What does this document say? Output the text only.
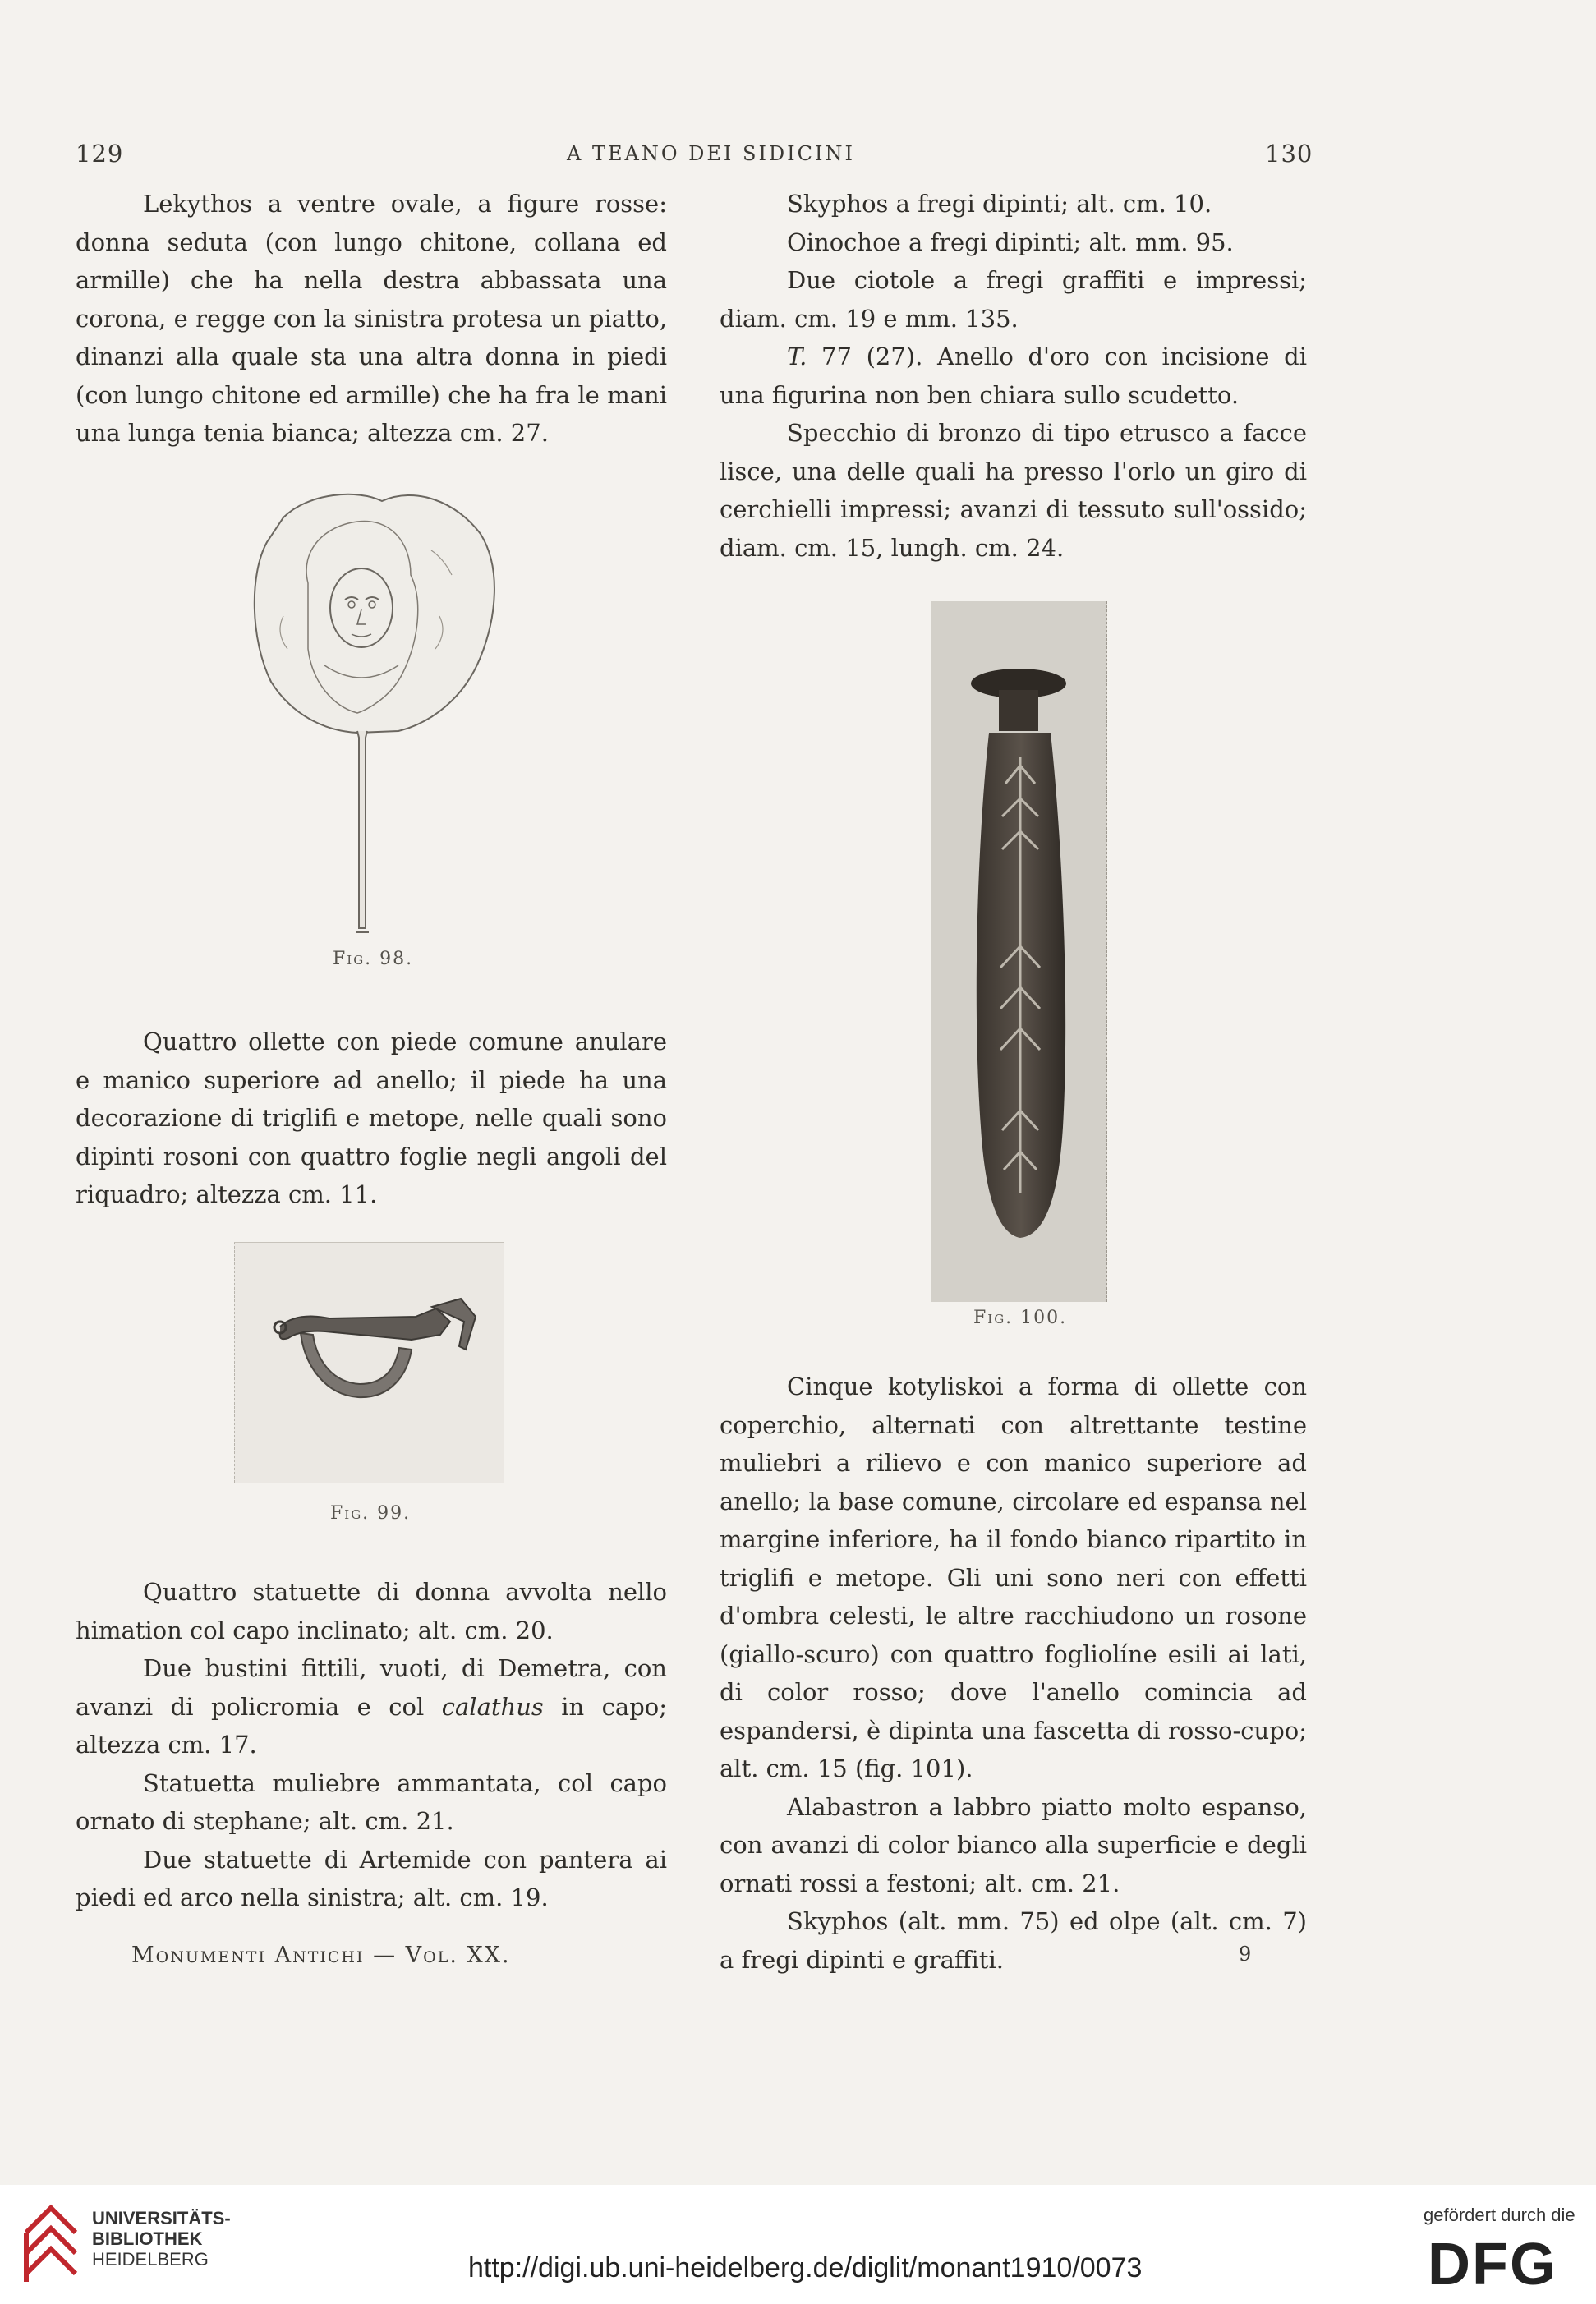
129	A TEANO DEI SIDICINI	130

Lekythos a ventre ovale, a figure rosse: donna seduta (con lungo chitone, collana ed armille) che ha nella destra abbassata una corona, e regge con la sinistra protesa un piatto, dinanzi alla quale sta una altra donna in piedi (con lungo chitone ed armille) che ha fra le mani una lunga tenia bianca; altezza cm. 27.

Fig. 98.

Quattro ollette con piede comune anulare e manico superiore ad anello; il piede ha una decorazione di triglifi e metope, nelle quali sono dipinti rosoni con quattro foglie negli angoli del riquadro; altezza cm. 11.

Fig. 99.

Quattro statuette di donna avvolta nello himation col capo inclinato; alt. cm. 20.

Due bustini fittili, vuoti, di Demetra, con avanzi di policromia e col calathus in capo; altezza cm. 17.

Statuetta muliebre ammantata, col capo ornato di stephane; alt. cm. 21.

Due statuette di Artemide con pantera ai piedi ed arco nella sinistra; alt. cm. 19.

Skyphos a fregi dipinti; alt. cm. 10.

Oinochoe a fregi dipinti; alt. mm. 95.

Due ciotole a fregi graffiti e impressi; diam. cm. 19 e mm. 135.

T. 77 (27). Anello d'oro con incisione di una figurina non ben chiara sullo scudetto.

Specchio di bronzo di tipo etrusco a facce lisce, una delle quali ha presso l'orlo un giro di cerchielli impressi; avanzi di tessuto sull'ossido; diam. cm. 15, lungh. cm. 24.

Fig. 100.

Cinque kotyliskoi a forma di ollette con coperchio, alternati con altrettante testine muliebri a rilievo e con manico superiore ad anello; la base comune, circolare ed espansa nel margine inferiore, ha il fondo bianco ripartito in triglifi e metope. Gli uni sono neri con effetti d'ombra celesti, le altre racchiudono un rosone (giallo-scuro) con quattro fogliolíne esili ai lati, di color rosso; dove l'anello comincia ad espandersi, è dipinta una fascetta di rosso-cupo; alt. cm. 15 (fig. 101).

Alabastron a labbro piatto molto espanso, con avanzi di color bianco alla superficie e degli ornati rossi a festoni; alt. cm. 21.

Skyphos (alt. mm. 75) ed olpe (alt. cm. 7) a fregi dipinti e graffiti.

Monumenti Antichi — Vol. XX.	9
UNIVERSITÄTS-
BIBLIOTHEK
HEIDELBERG	http://digi.ub.uni-heidelberg.de/diglit/monant1910/0073
gefördert durch die
DFG
